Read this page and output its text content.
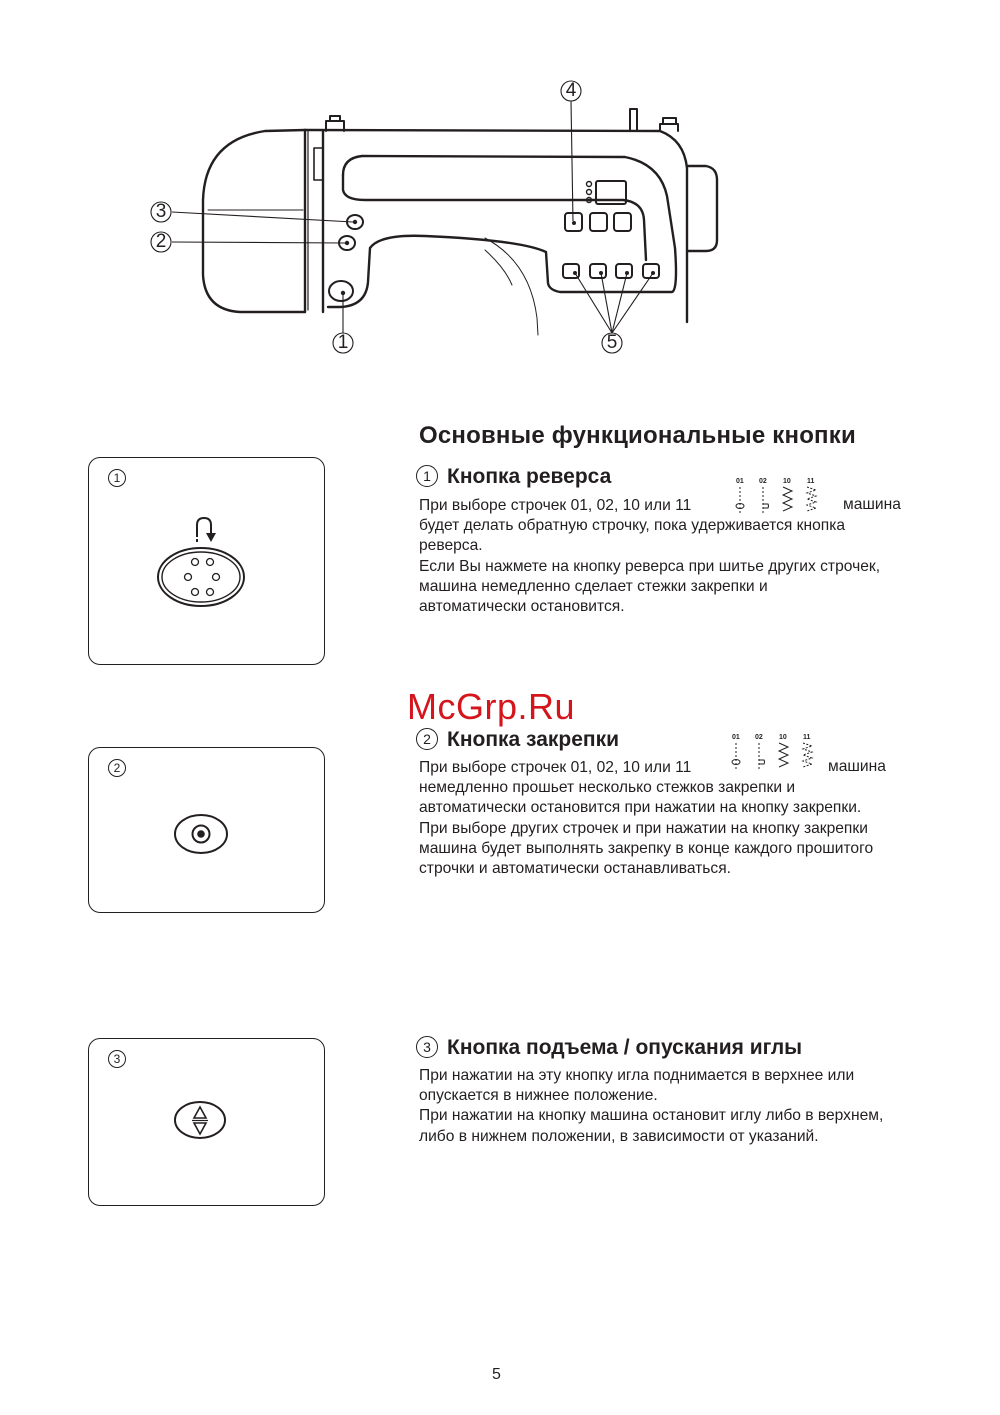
4
3
2
1	5
Основные функциональные кнопки
1 Кнопка реверса

При выборе строчек 01, 02, 10 или 11

будет делать обратную строчку, пока удерживается кнопка

реверса.

Если Вы нажмете на кнопку реверса при шитье других строчек,

машина немедленно сделает стежки закрепки и

автоматически остановится.

машина
01 02 10 11
2 Кнопка закрепки

При выборе строчек 01, 02, 10 или 11

немедленно прошьет несколько стежков закрепки и

автоматически остановится при нажатии на кнопку закрепки.

При выборе других строчек и при нажатии на кнопку закрепки

машина будет выполнять закрепку в конце каждого прошитого

строчки и автоматически останавливаться.

машина
01 02 10 11
3 Кнопка подъема / опускания иглы

При нажатии на эту кнопку игла поднимается в верхнее или

опускается в нижнее положение.

При нажатии на кнопку машина остановит иглу либо в верхнем,

либо в нижнем положении, в зависимости от указаний.

1
2
3
McGrp.Ru
5
